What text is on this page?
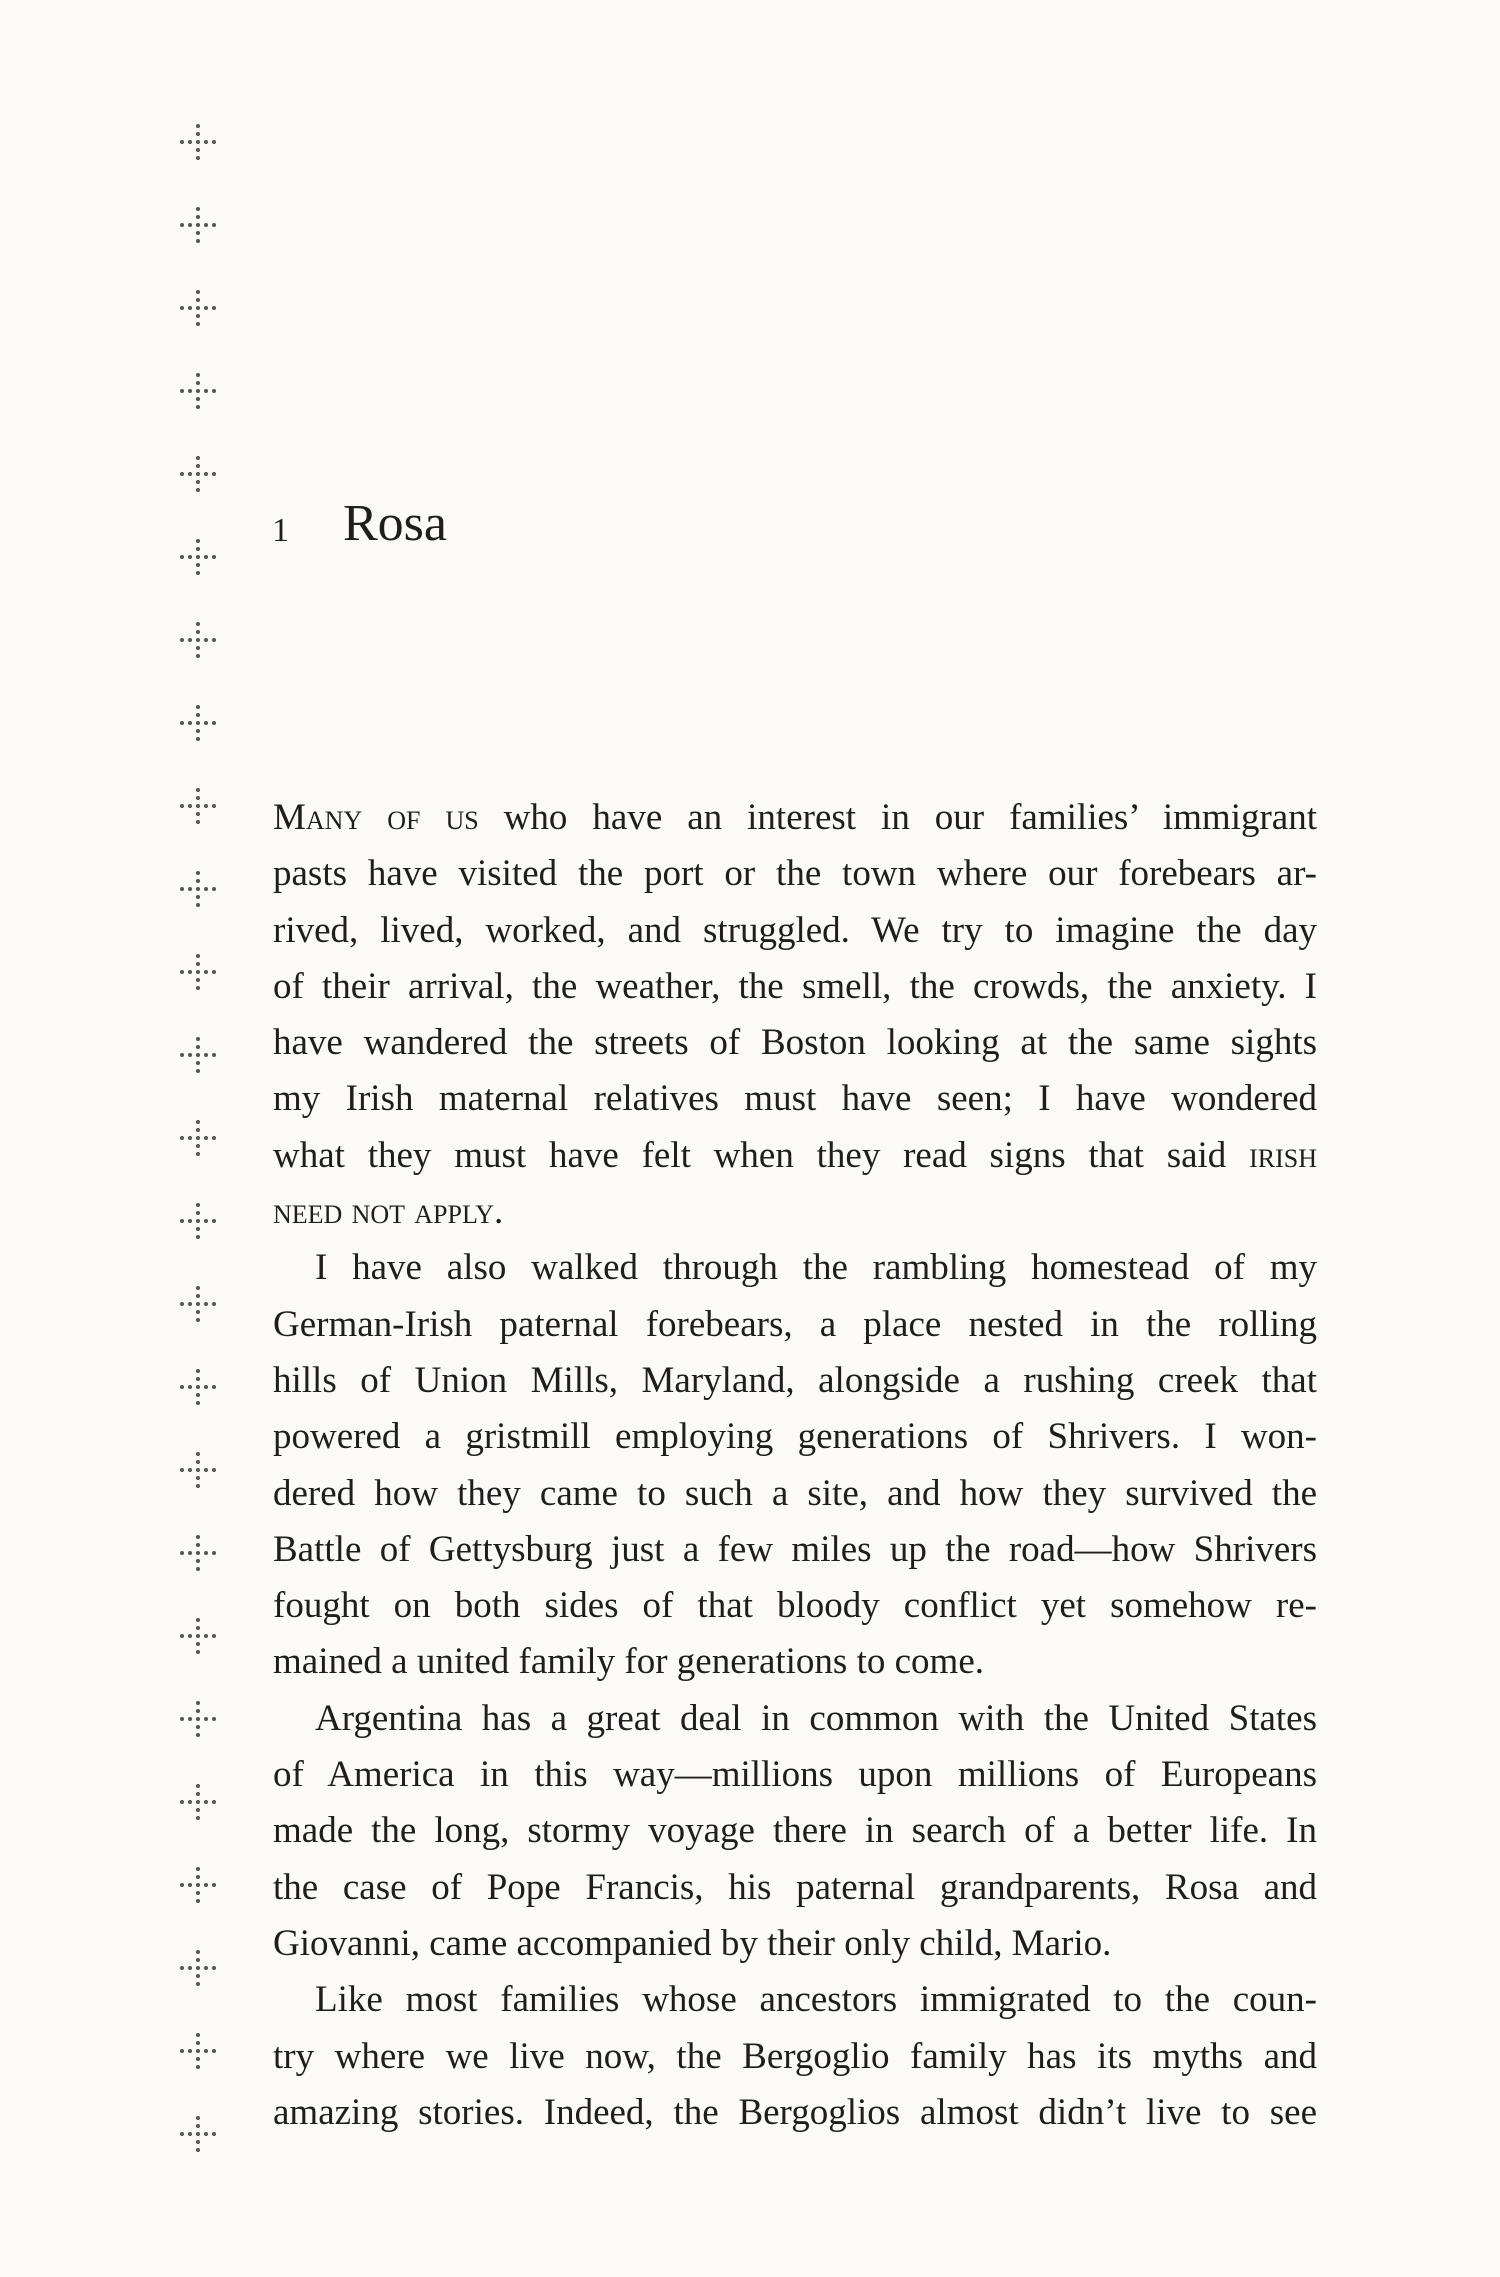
1 Rosa
Many of us who have an interest in our families’ immigrant
pasts have visited the port or the town where our forebears ar-
rived, lived, worked, and struggled. We try to imagine the day
of their arrival, the weather, the smell, the crowds, the anxiety. I
have wandered the streets of Boston looking at the same sights
my Irish maternal relatives must have seen; I have wondered
what they must have felt when they read signs that said irish
need not apply.
I have also walked through the rambling homestead of my
German-Irish paternal forebears, a place nested in the rolling
hills of Union Mills, Maryland, alongside a rushing creek that
powered a gristmill employing generations of Shrivers. I won-
dered how they came to such a site, and how they survived the
Battle of Gettysburg just a few miles up the road—how Shrivers
fought on both sides of that bloody conflict yet somehow re-
mained a united family for generations to come.
Argentina has a great deal in common with the United States
of America in this way—millions upon millions of Europeans
made the long, stormy voyage there in search of a better life. In
the case of Pope Francis, his paternal grandparents, Rosa and
Giovanni, came accompanied by their only child, Mario.
Like most families whose ancestors immigrated to the coun-
try where we live now, the Bergoglio family has its myths and
amazing stories. Indeed, the Bergoglios almost didn’t live to see
